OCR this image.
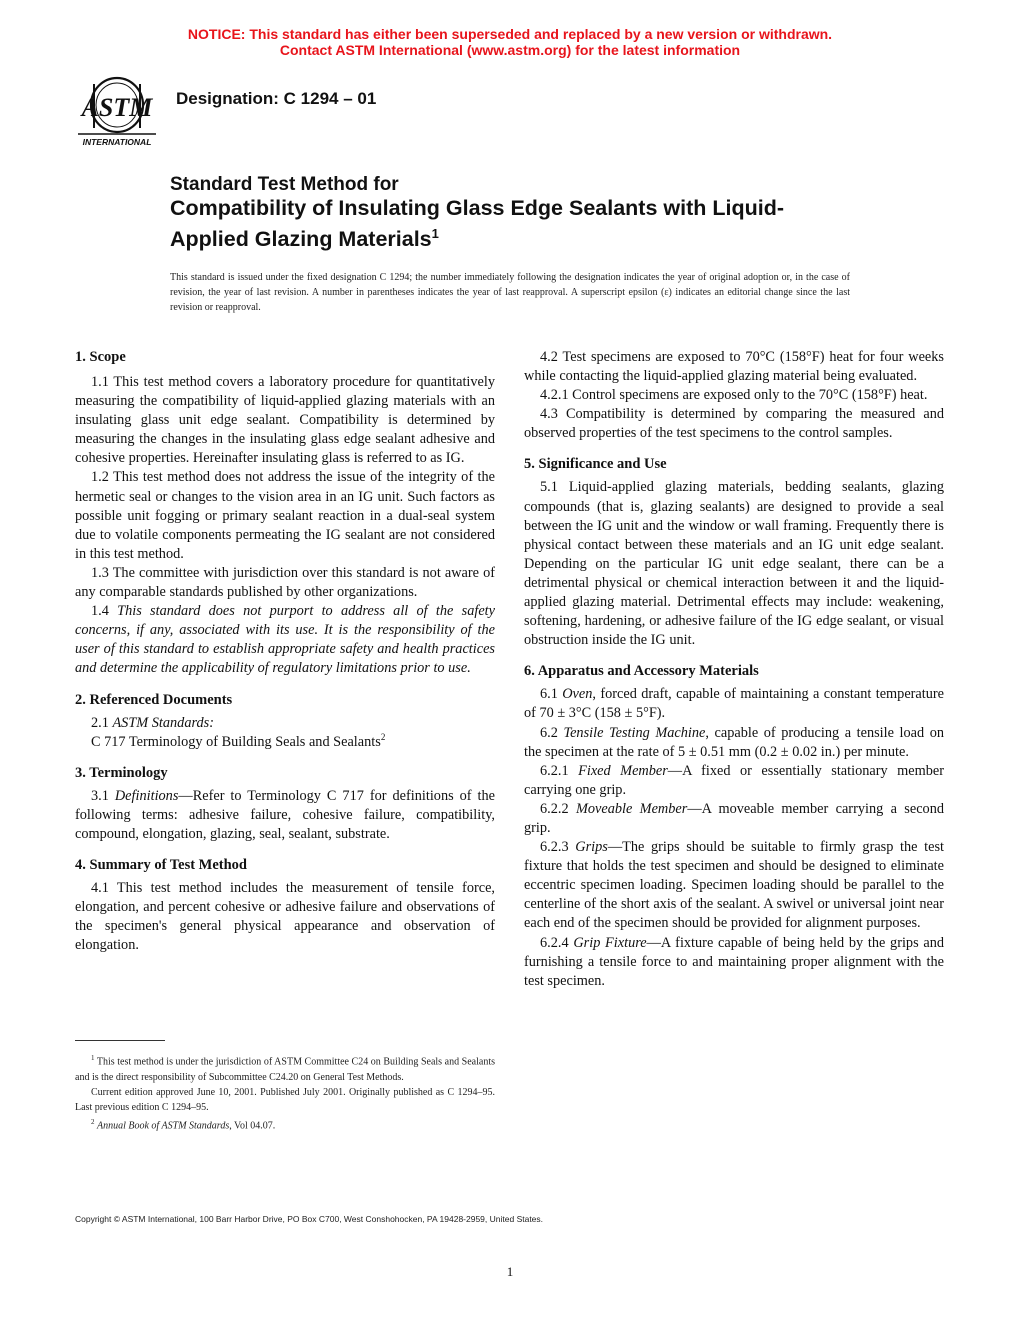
NOTICE: This standard has either been superseded and replaced by a new version or withdrawn.
Contact ASTM International (www.astm.org) for the latest information
ASTM
INTERNATIONAL
Designation: C 1294 – 01
Standard Test Method for
Compatibility of Insulating Glass Edge Sealants with Liquid-
Applied Glazing Materials$^1$
This standard is issued under the fixed designation C 1294; the number immediately following the designation indicates the year of original adoption or, in the case of revision, the year of last revision. A number in parentheses indicates the year of last reapproval. A superscript epsilon (ε) indicates an editorial change since the last revision or reapproval.
1. Scope

1.1 This test method covers a laboratory procedure for quantitatively measuring the compatibility of liquid-applied glazing materials with an insulating glass unit edge sealant. Compatibility is determined by measuring the changes in the insulating glass edge sealant adhesive and cohesive properties. Hereinafter insulating glass is referred to as IG.

1.2 This test method does not address the issue of the integrity of the hermetic seal or changes to the vision area in an IG unit. Such factors as possible unit fogging or primary sealant reaction in a dual-seal system due to volatile components permeating the IG sealant are not considered in this test method.

1.3 The committee with jurisdiction over this standard is not aware of any comparable standards published by other organizations.

1.4 This standard does not purport to address all of the safety concerns, if any, associated with its use. It is the responsibility of the user of this standard to establish appropriate safety and health practices and determine the applicability of regulatory limitations prior to use.

2. Referenced Documents

2.1 ASTM Standards:

C 717 Terminology of Building Seals and Sealants$^2$
3. Terminology

3.1 Definitions—Refer to Terminology C 717 for definitions of the following terms: adhesive failure, cohesive failure, compatibility, compound, elongation, glazing, seal, sealant, substrate.

4. Summary of Test Method

4.1 This test method includes the measurement of tensile force, elongation, and percent cohesive or adhesive failure and observations of the specimen's general physical appearance and observation of elongation.

4.2 Test specimens are exposed to 70°C (158°F) heat for four weeks while contacting the liquid-applied glazing material being evaluated.

4.2.1 Control specimens are exposed only to the 70°C (158°F) heat.

4.3 Compatibility is determined by comparing the measured and observed properties of the test specimens to the control samples.

5. Significance and Use

5.1 Liquid-applied glazing materials, bedding sealants, glazing compounds (that is, glazing sealants) are designed to provide a seal between the IG unit and the window or wall framing. Frequently there is physical contact between these materials and an IG unit edge sealant. Depending on the particular IG unit edge sealant, there can be a detrimental physical or chemical interaction between it and the liquid-applied glazing material. Detrimental effects may include: weakening, softening, hardening, or adhesive failure of the IG edge sealant, or visual obstruction inside the IG unit.

6. Apparatus and Accessory Materials

6.1 Oven, forced draft, capable of maintaining a constant temperature of 70 ± 3°C (158 ± 5°F).

6.2 Tensile Testing Machine, capable of producing a tensile load on the specimen at the rate of 5 ± 0.51 mm (0.2 ± 0.02 in.) per minute.

6.2.1 Fixed Member—A fixed or essentially stationary member carrying one grip.

6.2.2 Moveable Member—A moveable member carrying a second grip.

6.2.3 Grips—The grips should be suitable to firmly grasp the test fixture that holds the test specimen and should be designed to eliminate eccentric specimen loading. Specimen loading should be parallel to the centerline of the short axis of the sealant. A swivel or universal joint near each end of the specimen should be provided for alignment purposes.

6.2.4 Grip Fixture—A fixture capable of being held by the grips and furnishing a tensile force to and maintaining proper alignment with the test specimen.

$^1$ This test method is under the jurisdiction of ASTM Committee C24 on Building Seals and Sealants and is the direct responsibility of Subcommittee C24.20 on General Test Methods.

Current edition approved June 10, 2001. Published July 2001. Originally published as C 1294–95. Last previous edition C 1294–95.

$^2$ Annual Book of ASTM Standards, Vol 04.07.

Copyright © ASTM International, 100 Barr Harbor Drive, PO Box C700, West Conshohocken, PA 19428-2959, United States.
1
